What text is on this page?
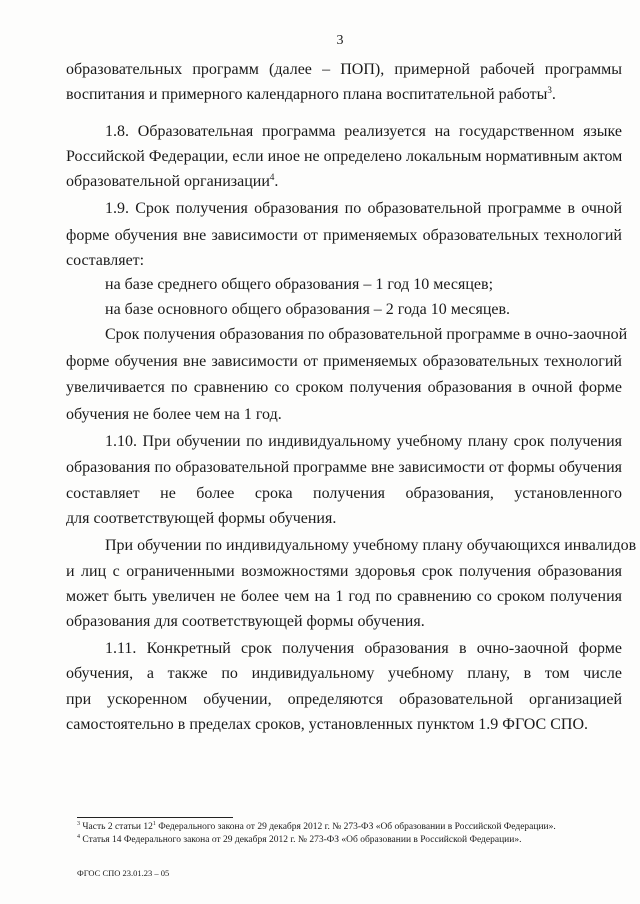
3
образовательных программ (далее – ПОП), примерной рабочей программы
воспитания и примерного календарного плана воспитательной работы$^3$.
1.8. Образовательная программа реализуется на государственном языке
Российской Федерации, если иное не определено локальным нормативным актом
образовательной организации$^4$.
1.9. Срок получения образования по образовательной программе в очной
форме обучения вне зависимости от применяемых образовательных технологий
составляет:
на базе среднего общего образования – 1 год 10 месяцев;
на базе основного общего образования – 2 года 10 месяцев.
Срок получения образования по образовательной программе в очно-заочной
форме обучения вне зависимости от применяемых образовательных технологий
увеличивается по сравнению со сроком получения образования в очной форме
обучения не более чем на 1 год.
1.10. При обучении по индивидуальному учебному плану срок получения
образования по образовательной программе вне зависимости от формы обучения
составляет не более срока получения образования, установленного
для соответствующей формы обучения.
При обучении по индивидуальному учебному плану обучающихся инвалидов
и лиц с ограниченными возможностями здоровья срок получения образования
может быть увеличен не более чем на 1 год по сравнению со сроком получения
образования для соответствующей формы обучения.
1.11. Конкретный срок получения образования в очно-заочной форме
обучения, а также по индивидуальному учебному плану, в том числе
при ускоренном обучении, определяются образовательной организацией
самостоятельно в пределах сроков, установленных пунктом 1.9 ФГОС СПО.
$^3$ Часть 2 статьи $12^1$ Федерального закона от 29 декабря 2012 г. № 273-ФЗ «Об образовании в Российской Федерации».
$^4$ Статья 14 Федерального закона от 29 декабря 2012 г. № 273-ФЗ «Об образовании в Российской Федерации».
ФГОС СПО 23.01.23 – 05
